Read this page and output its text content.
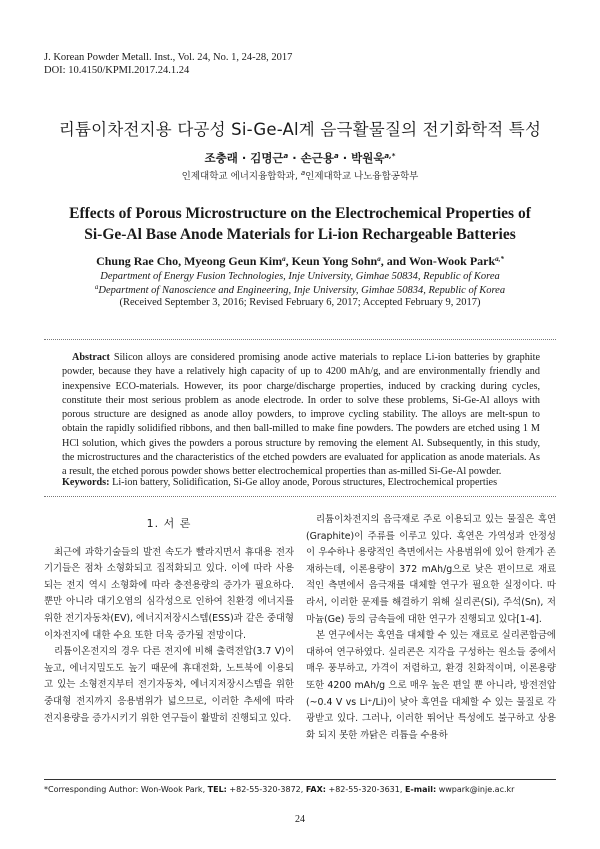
J. Korean Powder Metall. Inst., Vol. 24, No. 1, 24-28, 2017
DOI: 10.4150/KPMI.2017.24.1.24
리튬이차전지용 다공성 Si-Ge-Al계 음극활물질의 전기화학적 특성
조충래 · 김명근$^a$ · 손근용$^a$ · 박원욱$^{a,*}$
인제대학교 에너지융합학과, $^a$인제대학교 나노융합공학부
Effects of Porous Microstructure on the Electrochemical Properties of
Si-Ge-Al Base Anode Materials for Li-ion Rechargeable Batteries
Chung Rae Cho, Myeong Geun Kim$^a$, Keun Yong Sohn$^a$, and Won-Wook Park$^{a,*}$
Department of Energy Fusion Technologies, Inje University, Gimhae 50834, Republic of Korea
$^a$Department of Nanoscience and Engineering, Inje University, Gimhae 50834, Republic of Korea
(Received September 3, 2016; Revised February 6, 2017; Accepted February 9, 2017)
Abstract Silicon alloys are considered promising anode active materials to replace Li-ion batteries by graphite powder, because they have a relatively high capacity of up to 4200 mAh/g, and are environmentally friendly and inexpensive ECO-materials. However, its poor charge/discharge properties, induced by cracking during cycles, constitute their most serious problem as anode electrode. In order to solve these problems, Si-Ge-Al alloys with porous structure are designed as anode alloy powders, to improve cycling stability. The alloys are melt-spun to obtain the rapidly solidified ribbons, and then ball-milled to make fine powders. The powders are etched using 1 M HCl solution, which gives the powders a porous structure by removing the element Al. Subsequently, in this study, the microstructures and the characteristics of the etched powders are evaluated for application as anode materials. As a result, the etched porous powder shows better electrochemical properties than as-milled Si-Ge-Al powder.
Keywords: Li-ion battery, Solidification, Si-Ge alloy anode, Porous structures, Electrochemical properties
1. 서 론

최근에 과학기술들의 발전 속도가 빨라지면서 휴대용 전자기기들은 점차 소형화되고 집적화되고 있다. 이에 따라 사용되는 전지 역시 소형화에 따라 충전용량의 증가가 필요하다. 뿐만 아니라 대기오염의 심각성으로 인하여 친환경 에너지를 위한 전기자동차(EV), 에너지저장시스템(ESS)과 같은 중대형 이차전지에 대한 수요 또한 더욱 증가될 전망이다.

리튬이온전지의 경우 다른 전지에 비해 출력전압(3.7 V)이 높고, 에너지밀도도 높기 때문에 휴대전화, 노트북에 이용되고 있는 소형전지부터 전기자동차, 에너지저장시스템을 위한 중대형 전지까지 응용범위가 넓으므로, 이러한 추세에 따라 전지용량을 증가시키기 위한 연구들이 활발히 진행되고 있다.

리튬이차전지의 음극재로 주로 이용되고 있는 물질은 흑연(Graphite)이 주류를 이루고 있다. 흑연은 가역성과 안정성이 우수하나 용량적인 측면에서는 사용범위에 있어 한계가 존재하는데, 이론용량이 372 mAh/g으로 낮은 편이므로 재료적인 측면에서 음극재를 대체할 연구가 필요한 실정이다. 따라서, 이러한 문제를 해결하기 위해 실리콘(Si), 주석(Sn), 저마늄(Ge) 등의 금속들에 대한 연구가 진행되고 있다[1-4].

본 연구에서는 흑연을 대체할 수 있는 재료로 실리콘합금에 대하여 연구하였다. 실리콘은 지각을 구성하는 원소들 중에서 매우 풍부하고, 가격이 저렴하고, 환경 친화적이며, 이론용량 또한 4200 mAh/g 으로 매우 높은 편일 뿐 아니라, 방전전압(~0.4 V vs Li⁺/Li)이 낮아 흑연을 대체할 수 있는 물질로 각광받고 있다. 그러나, 이러한 뛰어난 특성에도 불구하고 상용화 되지 못한 까닭은 리튬을 수용하

*Corresponding Author: Won-Wook Park, TEL: +82-55-320-3872, FAX: +82-55-320-3631, E-mail: wwpark@inje.ac.kr
24
